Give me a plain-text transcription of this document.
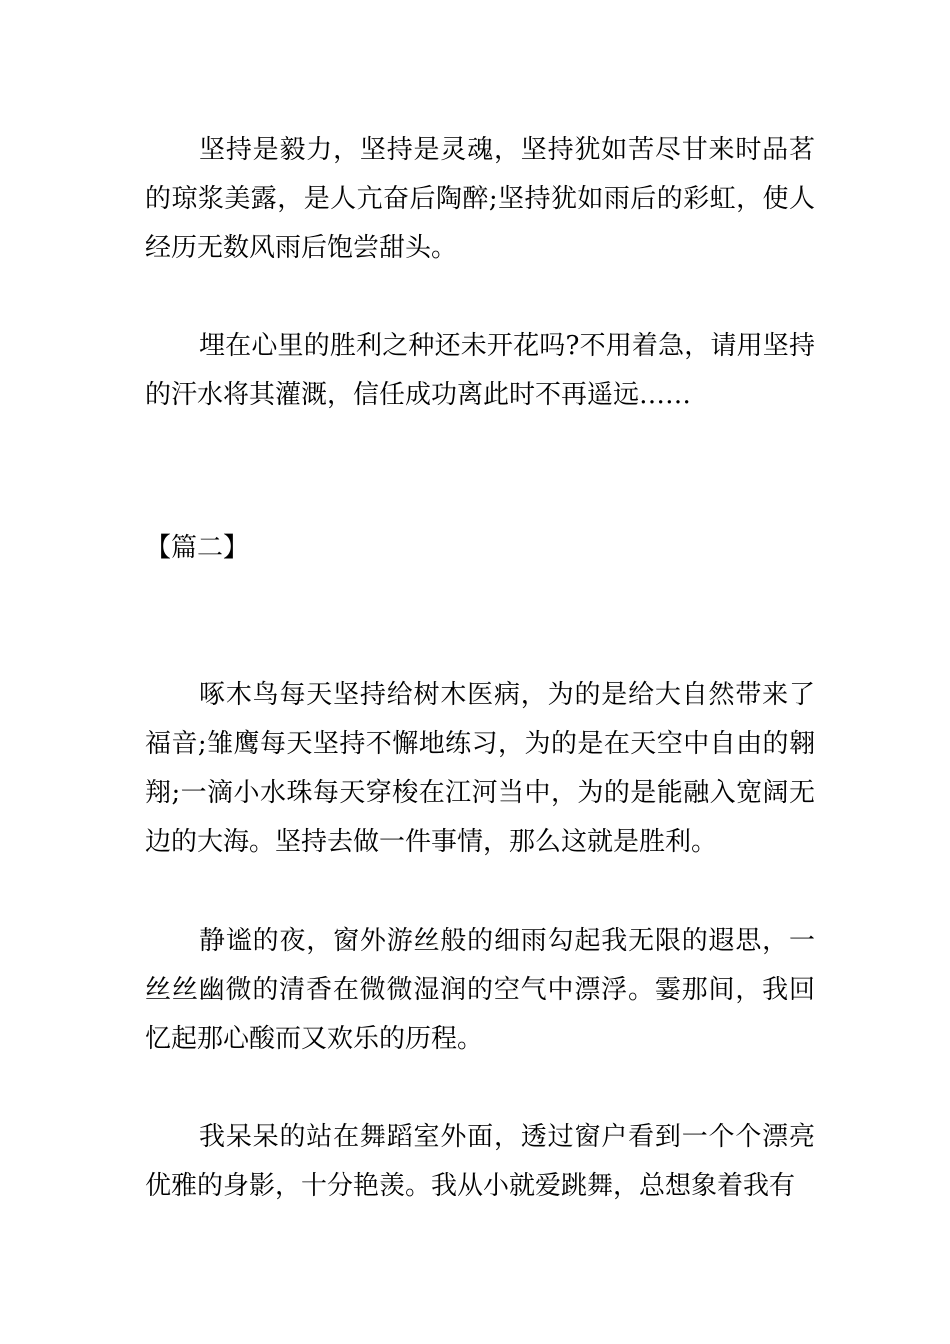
坚持是毅力，坚持是灵魂，坚持犹如苦尽甘来时品茗的琼浆美露，是人亢奋后陶醉;坚持犹如雨后的彩虹，使人经历无数风雨后饱尝甜头。

埋在心里的胜利之种还未开花吗?不用着急，请用坚持的汗水将其灌溉，信任成功离此时不再遥远……

【篇二】

啄木鸟每天坚持给树木医病，为的是给大自然带来了福音;雏鹰每天坚持不懈地练习，为的是在天空中自由的翱翔;一滴小水珠每天穿梭在江河当中，为的是能融入宽阔无边的大海。坚持去做一件事情，那么这就是胜利。

静谧的夜，窗外游丝般的细雨勾起我无限的遐思，一丝丝幽微的清香在微微湿润的空气中漂浮。霎那间，我回忆起那心酸而又欢乐的历程。

我呆呆的站在舞蹈室外面，透过窗户看到一个个漂亮优雅的身影，十分艳羡。我从小就爱跳舞，总想象着我有
